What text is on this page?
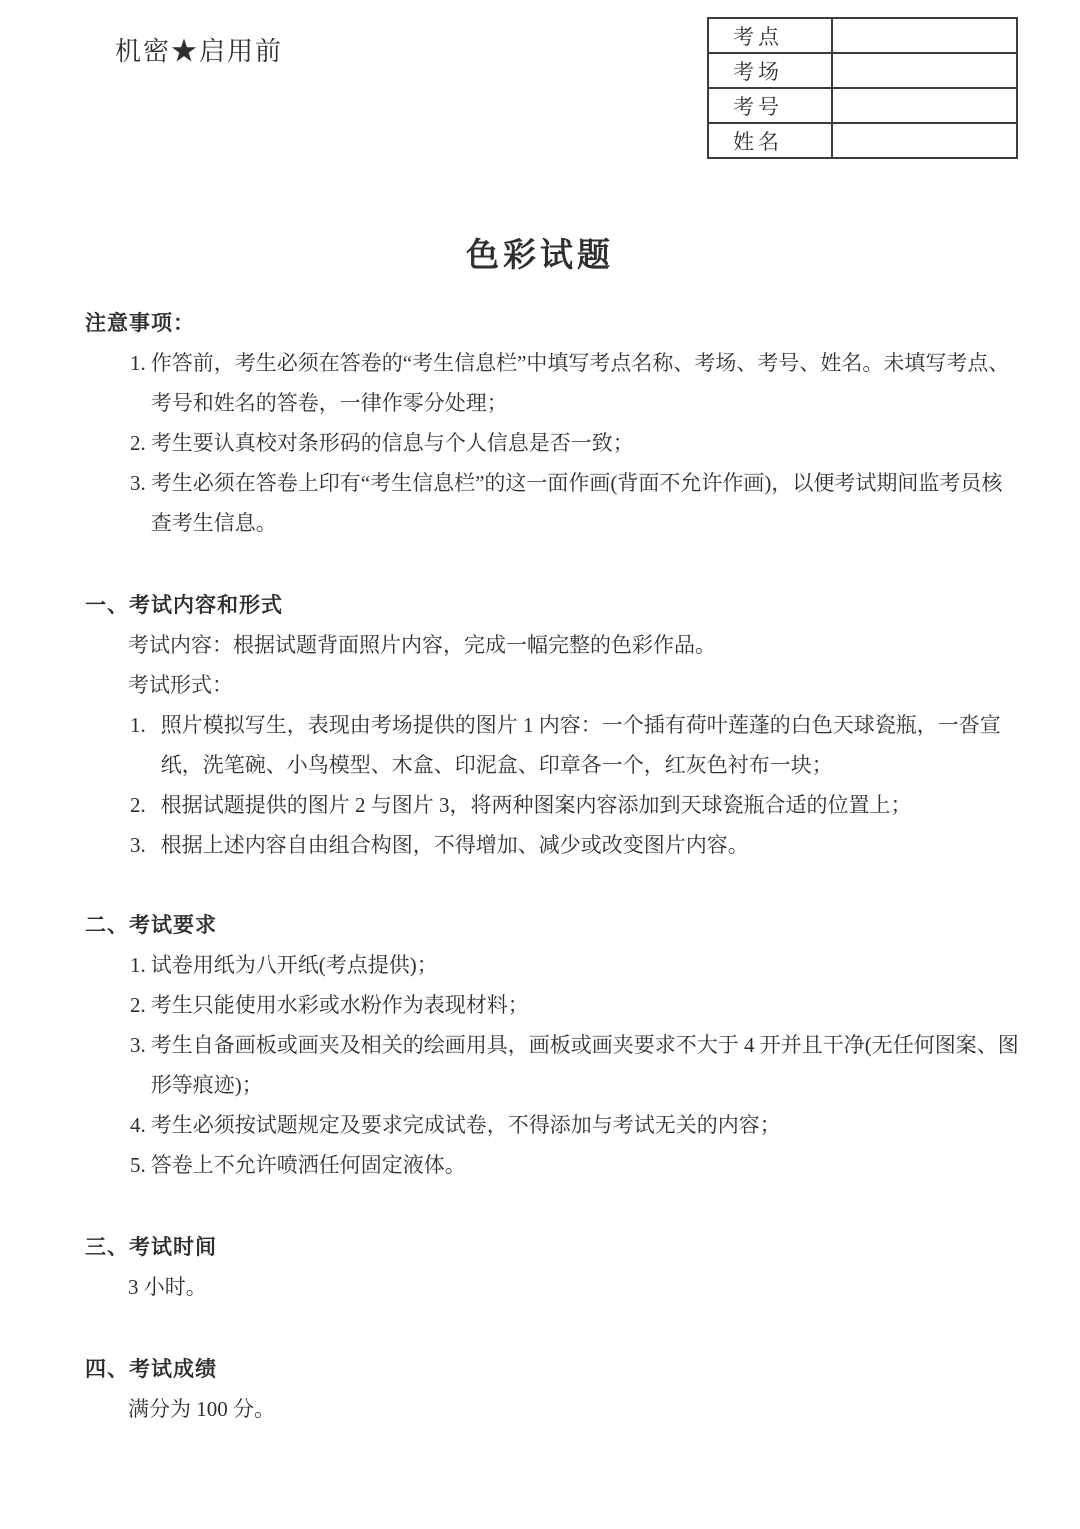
机密★启用前
考点	
考场	
考号	
姓名	
色彩试题
注意事项：
1. 作答前，考生必须在答卷的“考生信息栏”中填写考点名称、考场、考号、姓名。未填写考点、考号和姓名的答卷，一律作零分处理；
2. 考生要认真校对条形码的信息与个人信息是否一致；
3. 考生必须在答卷上印有“考生信息栏”的这一面作画(背面不允许作画)，以便考试期间监考员核查考生信息。
一、考试内容和形式
考试内容：根据试题背面照片内容，完成一幅完整的色彩作品。
考试形式：
1. 照片模拟写生，表现由考场提供的图片 1 内容：一个插有荷叶莲蓬的白色天球瓷瓶，一沓宣纸，洗笔碗、小鸟模型、木盒、印泥盒、印章各一个，红灰色衬布一块；
2. 根据试题提供的图片 2 与图片 3，将两种图案内容添加到天球瓷瓶合适的位置上；
3. 根据上述内容自由组合构图，不得增加、减少或改变图片内容。
二、考试要求
1. 试卷用纸为八开纸(考点提供)；
2. 考生只能使用水彩或水粉作为表现材料；
3. 考生自备画板或画夹及相关的绘画用具，画板或画夹要求不大于 4 开并且干净(无任何图案、图形等痕迹)；
4. 考生必须按试题规定及要求完成试卷，不得添加与考试无关的内容；
5. 答卷上不允许喷洒任何固定液体。
三、考试时间
3 小时。
四、考试成绩
满分为 100 分。
